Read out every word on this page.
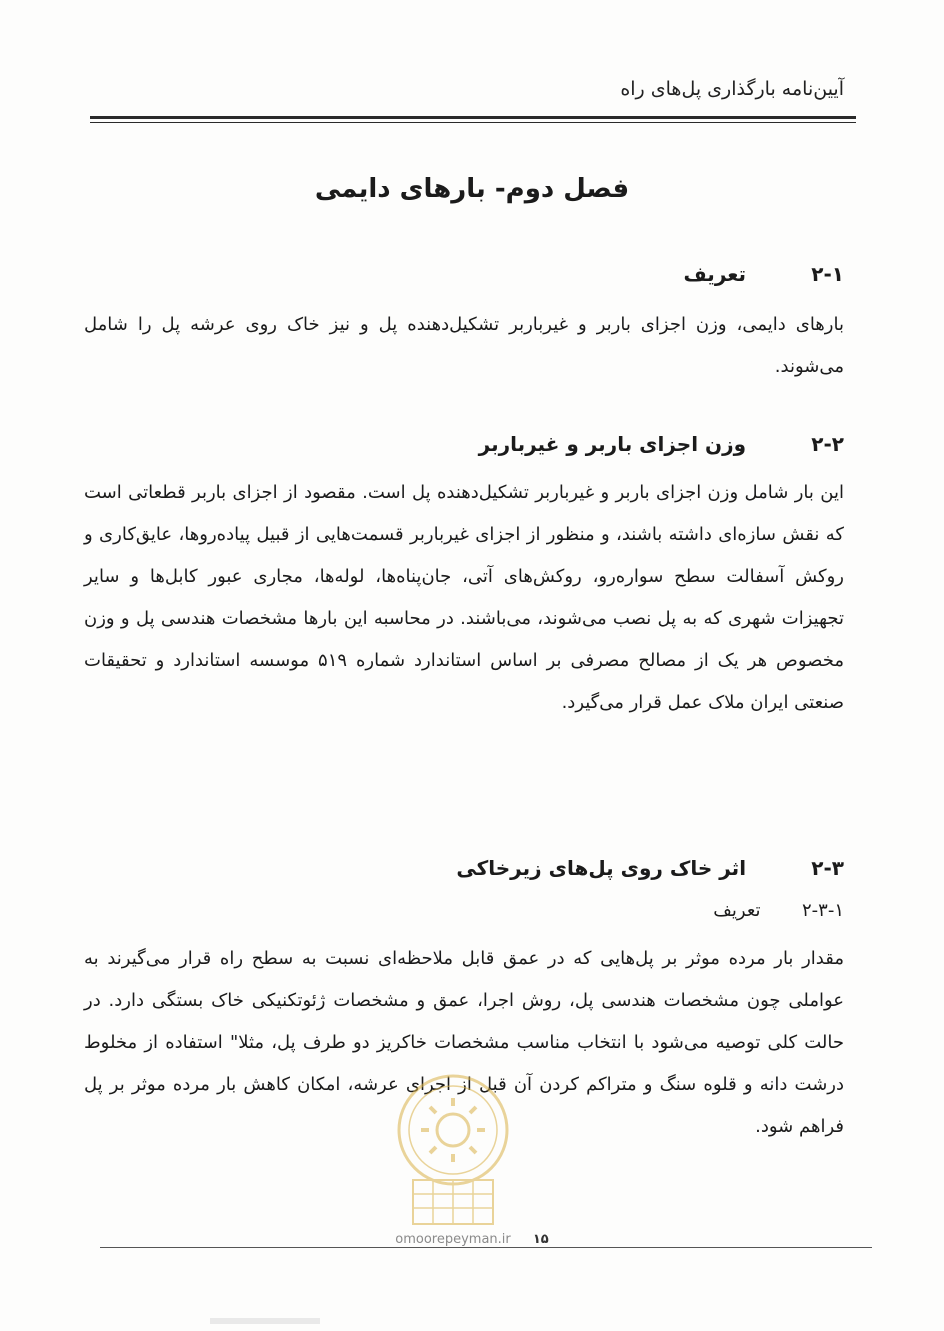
آیین‌نامه بارگذاری پل‌های راه
فصل دوم- بارهای دایمی
۲-۱  تعریف
بارهای دایمی، وزن اجزای باربر و غیرباربر تشکیل‌دهنده پل و نیز خاک روی عرشه پل را شامل می‌شوند.
۲-۲  وزن اجزای باربر و غیرباربر
این بار شامل وزن اجزای باربر و غیرباربر تشکیل‌دهنده پل است. مقصود از اجزای باربر قطعاتی است که نقش سازه‌ای داشته باشند، و منظور از اجزای غیرباربر قسمت‌هایی از قبیل پیاده‌روها، عایق‌کاری و روکش آسفالت سطح سواره‌رو، روکش‌های آتی، جان‌پناه‌ها، لوله‌ها، مجاری عبور کابل‌ها و سایر تجهیزات شهری که به پل نصب می‌شوند، می‌باشند. در محاسبه این بارها مشخصات هندسی پل و وزن مخصوص هر یک از مصالح مصرفی بر اساس استاندارد شماره ۵۱۹ موسسه استاندارد و تحقیقات صنعتی ایران ملاک عمل قرار می‌گیرد.
۲-۳  اثر خاک روی پل‌های زیرخاکی
۲-۳-۱  تعریف
مقدار بار مرده موثر بر پل‌هایی که در عمق قابل ملاحظه‌ای نسبت به سطح راه قرار می‌گیرند به عواملی چون مشخصات هندسی پل، روش اجرا، عمق و مشخصات ژئوتکنیکی خاک بستگی دارد. در حالت کلی توصیه می‌شود با انتخاب مناسب مشخصات خاکریز دو طرف پل، مثلا" استفاده از مخلوط درشت دانه و قلوه سنگ و متراکم کردن آن قبل از اجرای عرشه، امکان کاهش بار مرده موثر بر پل فراهم شود.
omoorepeyman.ir ۱۵
